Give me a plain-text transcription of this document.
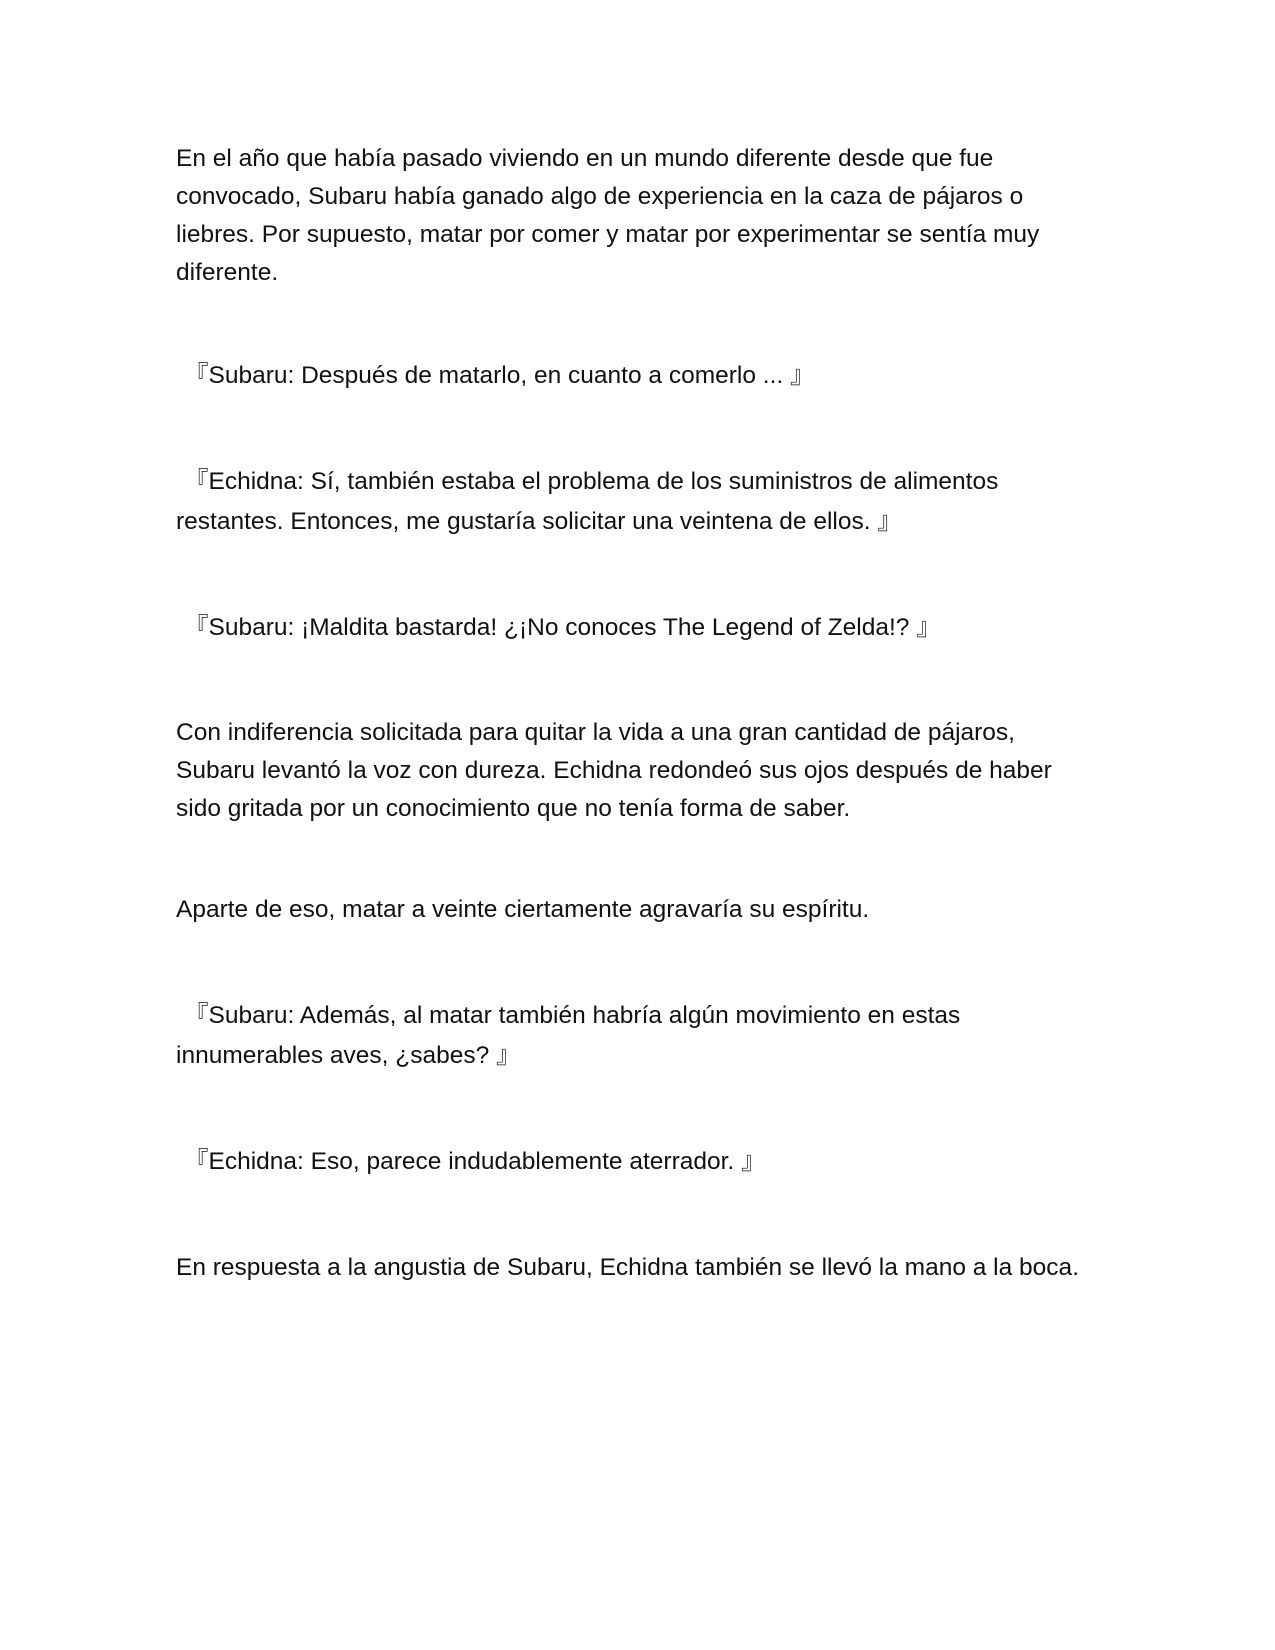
En el año que había pasado viviendo en un mundo diferente desde que fue convocado, Subaru había ganado algo de experiencia en la caza de pájaros o liebres. Por supuesto, matar por comer y matar por experimentar se sentía muy diferente.

『Subaru: Después de matarlo, en cuanto a comerlo ... 』

『Echidna: Sí, también estaba el problema de los suministros de alimentos restantes. Entonces, me gustaría solicitar una veintena de ellos. 』

『Subaru: ¡Maldita bastarda! ¿¡No conoces The Legend of Zelda!? 』

Con indiferencia solicitada para quitar la vida a una gran cantidad de pájaros, Subaru levantó la voz con dureza. Echidna redondeó sus ojos después de haber sido gritada por un conocimiento que no tenía forma de saber.

Aparte de eso, matar a veinte ciertamente agravaría su espíritu.

『Subaru: Además, al matar también habría algún movimiento en estas innumerables aves, ¿sabes? 』

『Echidna: Eso, parece indudablemente aterrador. 』

En respuesta a la angustia de Subaru, Echidna también se llevó la mano a la boca.
